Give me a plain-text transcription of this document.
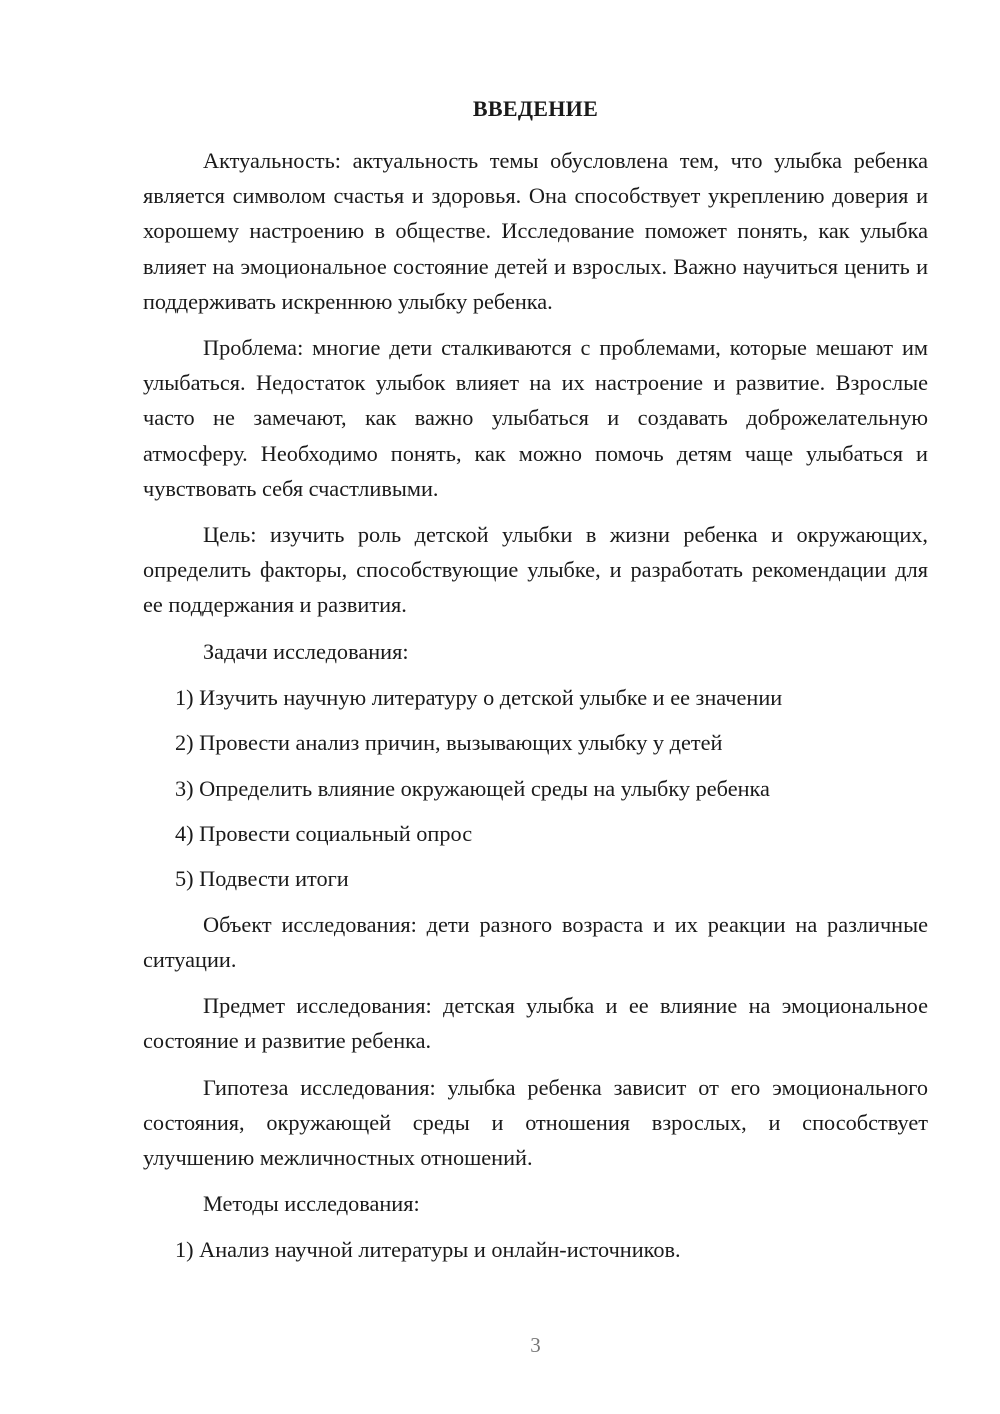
ВВЕДЕНИЕ

Актуальность: актуальность темы обусловлена тем, что улыбка ребенка является символом счастья и здоровья. Она способствует укреплению доверия и хорошему настроению в обществе. Исследование поможет понять, как улыбка влияет на эмоциональное состояние детей и взрослых. Важно научиться ценить и поддерживать искреннюю улыбку ребенка.

Проблема: многие дети сталкиваются с проблемами, которые мешают им улыбаться. Недостаток улыбок влияет на их настроение и развитие. Взрослые часто не замечают, как важно улыбаться и создавать доброжелательную атмосферу. Необходимо понять, как можно помочь детям чаще улыбаться и чувствовать себя счастливыми.

Цель: изучить роль детской улыбки в жизни ребенка и окружающих, определить факторы, способствующие улыбке, и разработать рекомендации для ее поддержания и развития.

Задачи исследования:

1) Изучить научную литературу о детской улыбке и ее значении

2) Провести анализ причин, вызывающих улыбку у детей

3) Определить влияние окружающей среды на улыбку ребенка

4) Провести социальный опрос

5) Подвести итоги

Объект исследования: дети разного возраста и их реакции на различные ситуации.

Предмет исследования: детская улыбка и ее влияние на эмоциональное состояние и развитие ребенка.

Гипотеза исследования: улыбка ребенка зависит от его эмоционального состояния, окружающей среды и отношения взрослых, и способствует улучшению межличностных отношений.

Методы исследования:

1) Анализ научной литературы и онлайн-источников.

3
